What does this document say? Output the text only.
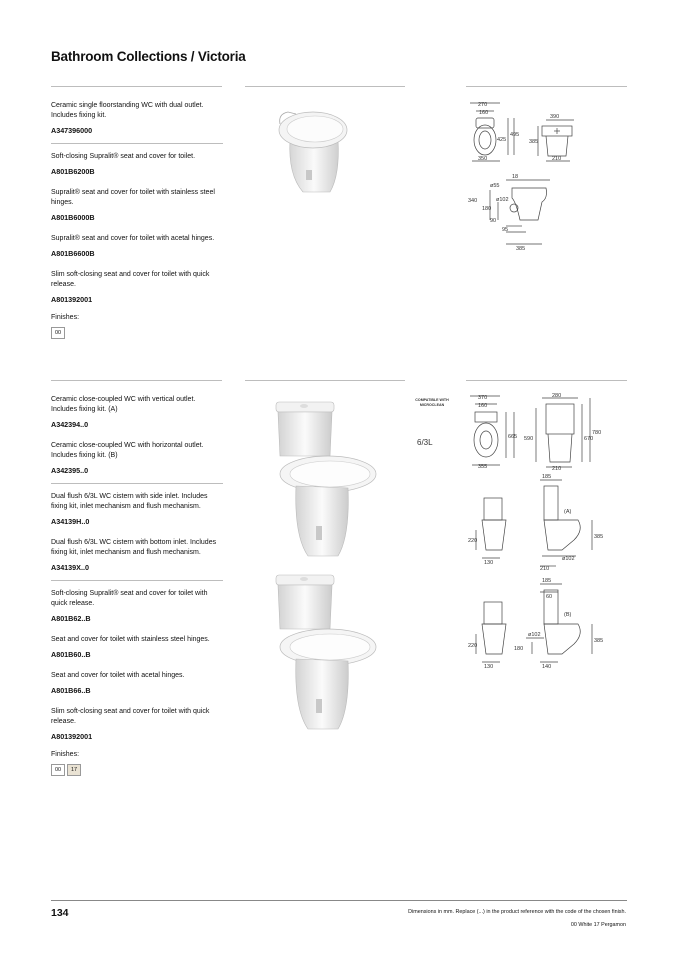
Bathroom Collections / Victoria

Ceramic single floorstanding WC with dual outlet. Includes fixing kit.

A347396000

Soft-closing Supralit® seat and cover for toilet.

A801B6200B

Supralit® seat and cover for toilet with stainless steel hinges.

A801B6000B

Supralit® seat and cover for toilet with acetal hinges.

A801B6600B

Slim soft-closing seat and cover for toilet with quick release.

A801392001
Finishes:
00
270
160
425
495
350
390
385
210
18
ø55
340	ø102
180
90
95
385

Ceramic close-coupled WC with vertical outlet. Includes fixing kit. (A)

A342394..0

Ceramic close-coupled WC with horizontal outlet. Includes fixing kit. (B)

A342395..0

Dual flush 6/3L WC cistern with side inlet. Includes fixing kit, inlet mechanism and flush mechanism.

A34139H..0

Dual flush 6/3L WC cistern with bottom inlet. Includes fixing kit, inlet mechanism and flush mechanism.

A34139X..0

Soft-closing Supralit® seat and cover for toilet with quick release.

A801B62..B

Seat and cover for toilet with stainless steel hinges.

A801B60..B

Seat and cover for toilet with acetal hinges.

A801B66..B

Slim soft-closing seat and cover for toilet with quick release.

A801392001
Finishes:
00	17
COMPATIBLE WITH MICROCLEAN
6/3L
370
160
665
355
280
590	670
780
210
220
130
185
(A)
385
ø102
210
220
130
185
60
(B)
ø102
180
385
140
134	Dimensions in mm. Replace (...) in the product reference with the code of the chosen finish.
00 White 17 Pergamon
